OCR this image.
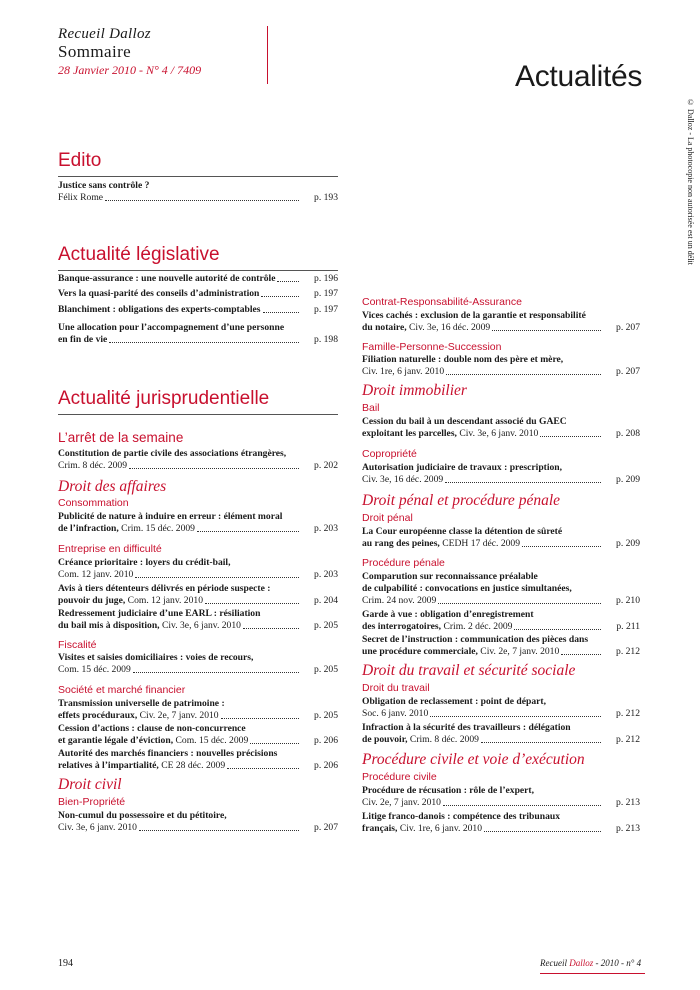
Recueil Dalloz
Sommaire
28 Janvier 2010 - N° 4 / 7409	Actualités
© Dalloz - La photocopie non autorisée est un délit
Edito
Justice sans contrôle ?
Félix Rome	p. 193
Actualité législative
Banque-assurance : une nouvelle autorité de contrôle	p. 196
Vers la quasi-parité des conseils d’administration	p. 197
Blanchiment : obligations des experts-comptables	p. 197
Une allocation pour l’accompagnement d’une personne
en fin de vie	p. 198
Actualité jurisprudentielle
L’arrêt de la semaine
Constitution de partie civile des associations étrangères,
Crim. 8 déc. 2009	p. 202
Droit des affaires
Consommation
Publicité de nature à induire en erreur : élément moral
de l’infraction, Crim. 15 déc. 2009	p. 203
Entreprise en difficulté
Créance prioritaire : loyers du crédit-bail,
Com. 12 janv. 2010	p. 203
Avis à tiers détenteurs délivrés en période suspecte :
pouvoir du juge, Com. 12 janv. 2010	p. 204
Redressement judiciaire d’une EARL : résiliation
du bail mis à disposition, Civ. 3e, 6 janv. 2010	p. 205
Fiscalité
Visites et saisies domiciliaires : voies de recours,
Com. 15 déc. 2009	p. 205
Société et marché financier
Transmission universelle de patrimoine :
effets procéduraux, Civ. 2e, 7 janv. 2010	p. 205
Cession d’actions : clause de non-concurrence
et garantie légale d’éviction, Com. 15 déc. 2009	p. 206
Autorité des marchés financiers : nouvelles précisions
relatives à l’impartialité, CE 28 déc. 2009	p. 206
Droit civil
Bien-Propriété
Non-cumul du possessoire et du pétitoire,
Civ. 3e, 6 janv. 2010	p. 207
Contrat-Responsabilité-Assurance
Vices cachés : exclusion de la garantie et responsabilité
du notaire, Civ. 3e, 16 déc. 2009	p. 207
Famille-Personne-Succession
Filiation naturelle : double nom des père et mère,
Civ. 1re, 6 janv. 2010	p. 207
Droit immobilier
Bail
Cession du bail à un descendant associé du GAEC
exploitant les parcelles, Civ. 3e, 6 janv. 2010	p. 208
Copropriété
Autorisation judiciaire de travaux : prescription,
Civ. 3e, 16 déc. 2009	p. 209
Droit pénal et procédure pénale
Droit pénal
La Cour européenne classe la détention de sûreté
au rang des peines, CEDH 17 déc. 2009	p. 209
Procédure pénale
Comparution sur reconnaissance préalable
de culpabilité : convocations en justice simultanées,
Crim. 24 nov. 2009	p. 210
Garde à vue : obligation d’enregistrement
des interrogatoires, Crim. 2 déc. 2009	p. 211
Secret de l’instruction : communication des pièces dans
une procédure commerciale, Civ. 2e, 7 janv. 2010	p. 212
Droit du travail et sécurité sociale
Droit du travail
Obligation de reclassement : point de départ,
Soc. 6 janv. 2010	p. 212
Infraction à la sécurité des travailleurs : délégation
de pouvoir, Crim. 8 déc. 2009	p. 212
Procédure civile et voie d’exécution
Procédure civile
Procédure de récusation : rôle de l’expert,
Civ. 2e, 7 janv. 2010	p. 213
Litige franco-danois : compétence des tribunaux
français, Civ. 1re, 6 janv. 2010	p. 213
194	Recueil Dalloz - 2010 - n° 4
